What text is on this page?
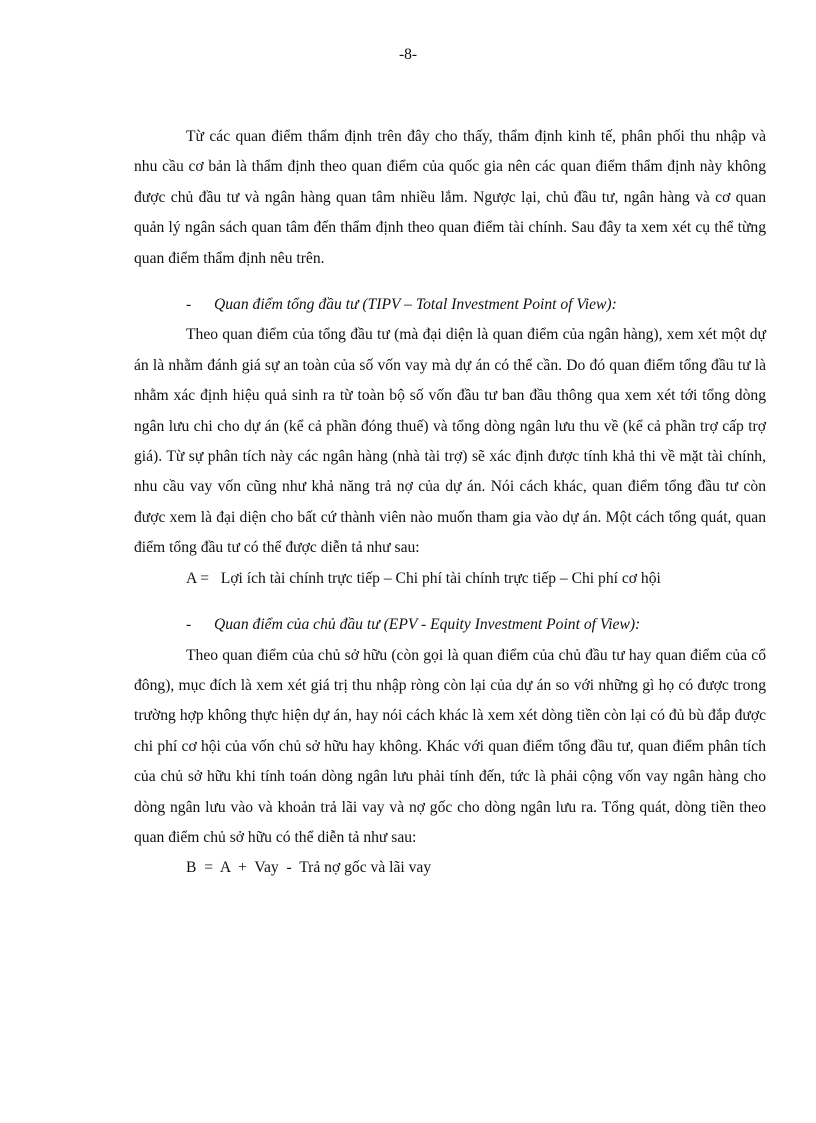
-8-

Từ các quan điểm thẩm định trên đây cho thấy, thẩm định kinh tế, phân phối thu nhập và nhu cầu cơ bản là thẩm định theo quan điểm của quốc gia nên các quan điểm thẩm định này không được chủ đầu tư và ngân hàng quan tâm nhiều lắm. Ngược lại, chủ đầu tư, ngân hàng và cơ quan quản lý ngân sách quan tâm đến thẩm định theo quan điểm tài chính. Sau đây ta xem xét cụ thể từng quan điểm thẩm định nêu trên.

- Quan điểm tổng đầu tư (TIPV – Total Investment Point of View):

Theo quan điểm của tổng đầu tư (mà đại diện là quan điểm của ngân hàng), xem xét một dự án là nhằm đánh giá sự an toàn của số vốn vay mà dự án có thể cần. Do đó quan điểm tổng đầu tư là nhằm xác định hiệu quả sinh ra từ toàn bộ số vốn đầu tư ban đầu thông qua xem xét tới tổng dòng ngân lưu chi cho dự án (kể cả phần đóng thuế) và tổng dòng ngân lưu thu về (kể cả phần trợ cấp trợ giá). Từ sự phân tích này các ngân hàng (nhà tài trợ) sẽ xác định được tính khả thi về mặt tài chính, nhu cầu vay vốn cũng như khả năng trả nợ của dự án. Nói cách khác, quan điểm tổng đầu tư còn được xem là đại diện cho bất cứ thành viên nào muốn tham gia vào dự án. Một cách tổng quát, quan điểm tổng đầu tư có thể được diễn tả như sau:

A =   Lợi ích tài chính trực tiếp – Chi phí tài chính trực tiếp – Chi phí cơ hội

- Quan điểm của chủ đầu tư (EPV - Equity Investment Point of View):

Theo quan điểm của chủ sở hữu (còn gọi là quan điểm của chủ đầu tư hay quan điểm của cổ đông), mục đích là xem xét giá trị thu nhập ròng còn lại của dự án so với những gì họ có được trong trường hợp không thực hiện dự án, hay nói cách khác là xem xét dòng tiền còn lại có đủ bù đắp được chi phí cơ hội của vốn chủ sở hữu hay không. Khác với quan điểm tổng đầu tư, quan điểm phân tích của chủ sở hữu khi tính toán dòng ngân lưu phải tính đến, tức là phải cộng vốn vay ngân hàng cho dòng ngân lưu vào và khoản trả lãi vay và nợ gốc cho dòng ngân lưu ra. Tổng quát, dòng tiền theo quan điểm chủ sở hữu có thể diễn tả như sau:

B  =  A  +  Vay  -  Trả nợ gốc và lãi vay
